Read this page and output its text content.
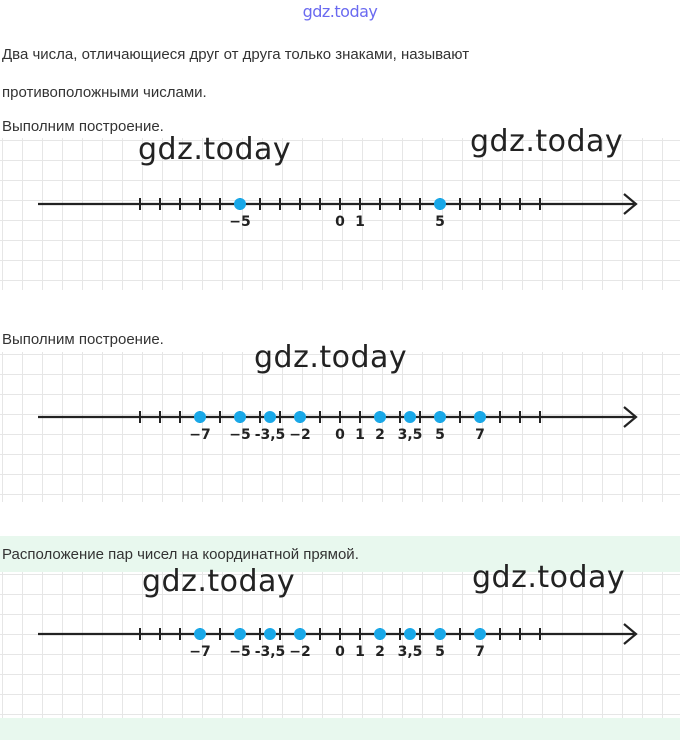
gdz.today
Два числа, отличающиеся друг от друга только знаками, называют
противоположными числами.
Выполним построение.
gdz.today	gdz.today
−5	0 1	5
Выполним построение.
gdz.today
−7 −5 -3,5 −2 0 1 2 3,5 5 7
Расположение пар чисел на координатной прямой.
gdz.today	gdz.today
−7 −5 -3,5 −2 0 1 2 3,5 5 7
